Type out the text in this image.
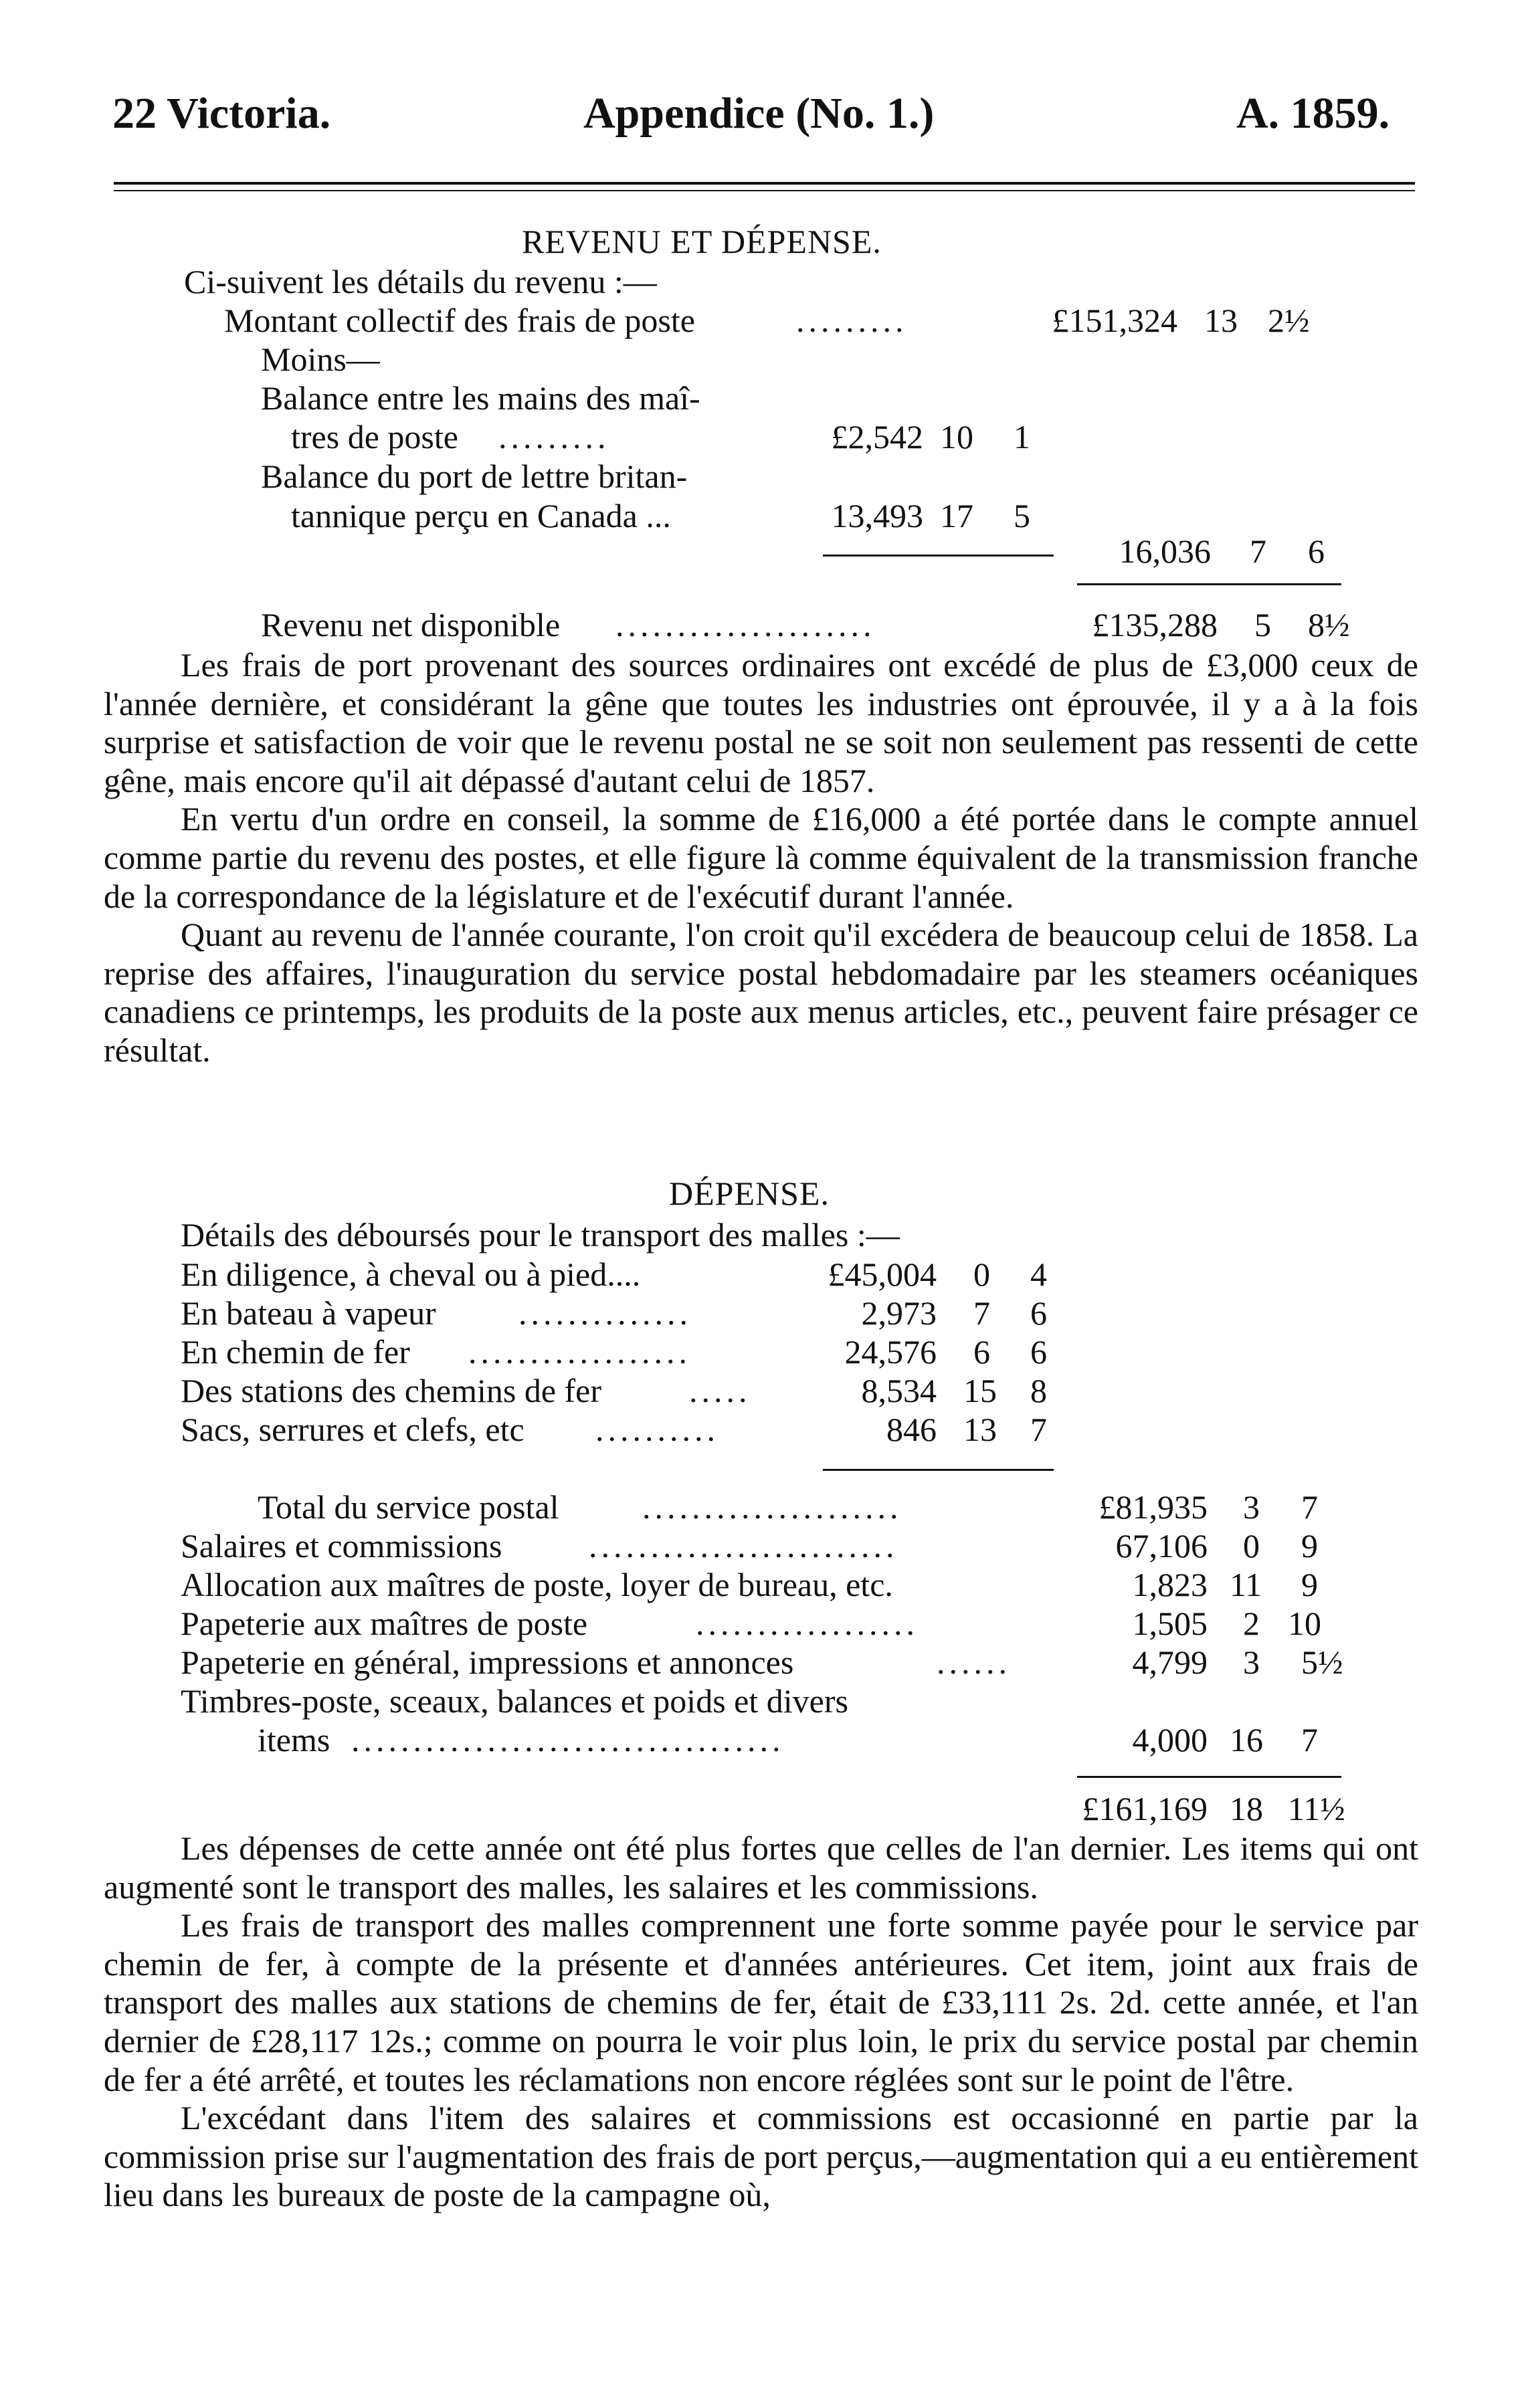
22 Victoria.	Appendice (No. 1.)	A. 1859.
REVENU ET DÉPENSE.
Ci-suivent les détails du revenu :—
Montant collectif des frais de poste	.........	£151,324 13 2½
Moins—
Balance entre les mains des maî-
tres de poste .........	£2,542 10 1
Balance du port de lettre britan-
tannique perçu en Canada ...	13,493 17 5
16,036 7 6
Revenu net disponible .....................	£135,288 5 8½

Les frais de port provenant des sources ordinaires ont excédé de plus de £3,000 ceux de l'année dernière, et considérant la gêne que toutes les industries ont éprouvée, il y a à la fois surprise et satisfaction de voir que le revenu postal ne se soit non seulement pas ressenti de cette gêne, mais encore qu'il ait dépassé d'autant celui de 1857.

En vertu d'un ordre en conseil, la somme de £16,000 a été portée dans le compte annuel comme partie du revenu des postes, et elle figure là comme équivalent de la transmission franche de la correspondance de la législature et de l'exécutif durant l'année.

Quant au revenu de l'année courante, l'on croit qu'il excédera de beaucoup celui de 1858. La reprise des affaires, l'inauguration du service postal hebdomadaire par les steamers océaniques canadiens ce printemps, les produits de la poste aux menus articles, etc., peuvent faire présager ce résultat.

DÉPENSE.
Détails des déboursés pour le transport des malles :—
En diligence, à cheval ou à pied....	£45,004	0 4
En bateau à vapeur ..............	2,973	7 6
En chemin de fer ..................	24,576	6 6
Des stations des chemins de fer	.....	8,534 15 8
Sacs, serrures et clefs, etc ..........	846 13 7
Total du service postal .....................	£81,935	3 7
Salaires et commissions	.........................	67,106	0 9
Allocation aux maîtres de poste, loyer de bureau, etc.	1,823 11 9
Papeterie aux maîtres de poste	..................	1,505	2 10
Papeterie en général, impressions et annonces	......	4,799	3 5½
Timbres-poste, sceaux, balances et poids et divers
items ...................................	4,000 16 7
£161,169 18 11½

Les dépenses de cette année ont été plus fortes que celles de l'an dernier. Les items qui ont augmenté sont le transport des malles, les salaires et les commissions.

Les frais de transport des malles comprennent une forte somme payée pour le service par chemin de fer, à compte de la présente et d'années antérieures. Cet item, joint aux frais de transport des malles aux stations de chemins de fer, était de £33,111 2s. 2d. cette année, et l'an dernier de £28,117 12s.; comme on pourra le voir plus loin, le prix du service postal par chemin de fer a été arrêté, et toutes les réclamations non encore réglées sont sur le point de l'être.

L'excédant dans l'item des salaires et commissions est occasionné en partie par la commission prise sur l'augmentation des frais de port perçus,—augmentation qui a eu entièrement lieu dans les bureaux de poste de la campagne où,
